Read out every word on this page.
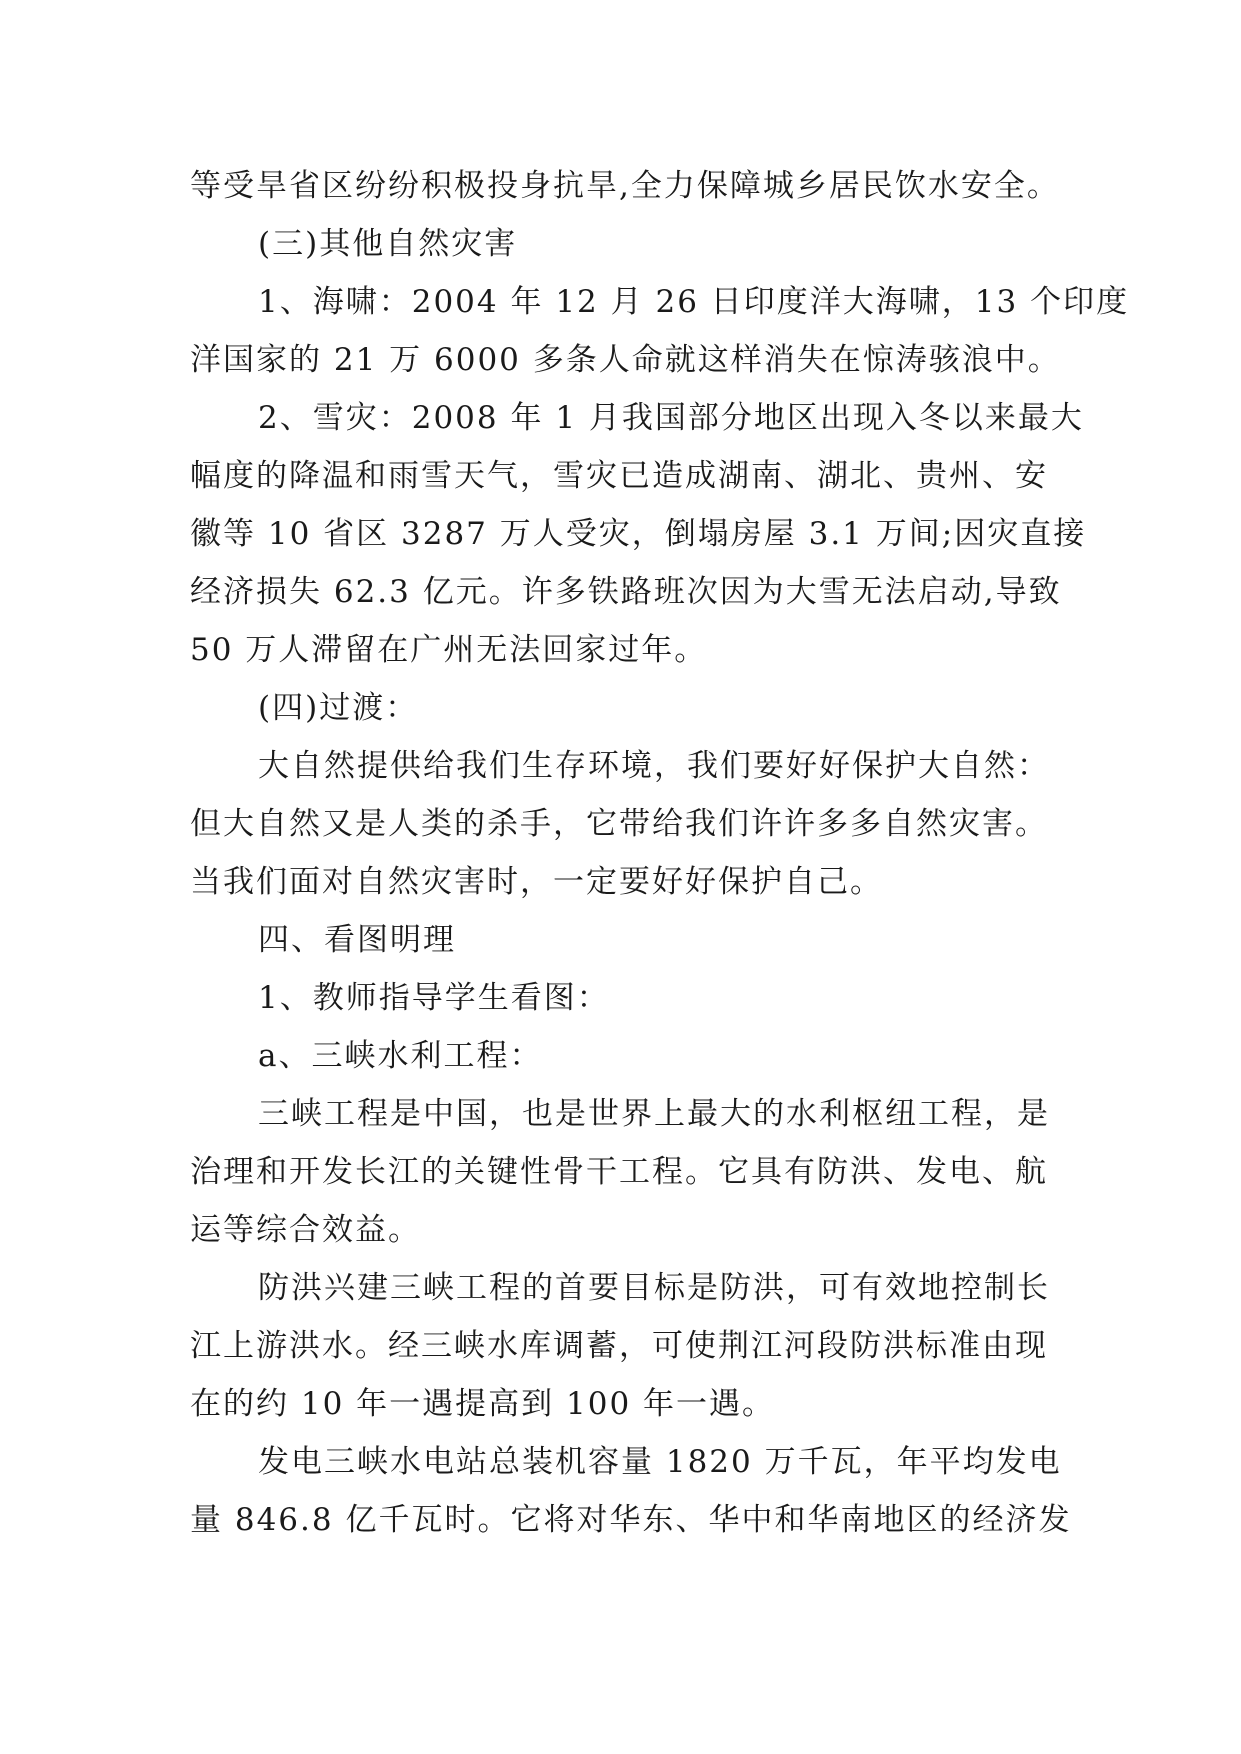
等受旱省区纷纷积极投身抗旱,全力保障城乡居民饮水安全。
(三)其他自然灾害
1、海啸：2004 年 12 月 26 日印度洋大海啸，13 个印度
洋国家的 21 万 6000 多条人命就这样消失在惊涛骇浪中。
2、雪灾：2008 年 1 月我国部分地区出现入冬以来最大
幅度的降温和雨雪天气，雪灾已造成湖南、湖北、贵州、安
徽等 10 省区 3287 万人受灾，倒塌房屋 3.1 万间;因灾直接
经济损失 62.3 亿元。许多铁路班次因为大雪无法启动,导致
50 万人滞留在广州无法回家过年。
(四)过渡：
大自然提供给我们生存环境，我们要好好保护大自然：
但大自然又是人类的杀手，它带给我们许许多多自然灾害。
当我们面对自然灾害时，一定要好好保护自己。
四、看图明理
1、教师指导学生看图：
a、三峡水利工程：
三峡工程是中国，也是世界上最大的水利枢纽工程，是
治理和开发长江的关键性骨干工程。它具有防洪、发电、航
运等综合效益。
防洪兴建三峡工程的首要目标是防洪，可有效地控制长
江上游洪水。经三峡水库调蓄，可使荆江河段防洪标准由现
在的约 10 年一遇提高到 100 年一遇。
发电三峡水电站总装机容量 1820 万千瓦，年平均发电
量 846.8 亿千瓦时。它将对华东、华中和华南地区的经济发
